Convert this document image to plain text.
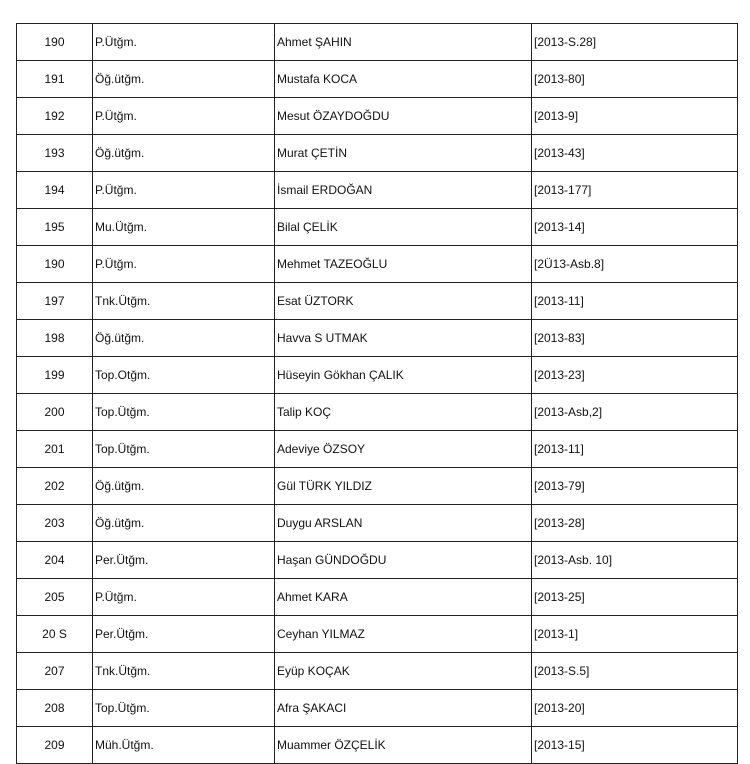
190	P.Ütğm.	Ahmet ŞAHIN	[2013-S.28]
191	Öğ.ütğm.	Mustafa KOCA	[2013-80]
192	P.Ütğm.	Mesut ÖZAYDOĞDU	[2013-9]
193	Öğ.ütğm.	Murat ÇETİN	[2013-43]
194	P.Ütğm.	İsmail ERDOĞAN	[2013-177]
195	Mu.Ütğm.	Bilal ÇELİK	[2013-14]
190	P.Ütğm.	Mehmet TAZEOĞLU	[2Ü13-Asb.8]
197	Tnk.Ütğm.	Esat ÜZTORK	[2013-11]
198	Öğ.ütğm.	Havva S UTMAK	[2013-83]
199	Top.Otğm.	Hüseyin Gökhan ÇALIK	[2013-23]
200	Top.Ütğm.	Talip KOÇ	[2013-Asb,2]
201	Top.Ütğm.	Adeviye ÖZSOY	[2013-11]
202	Öğ.ütğm.	Gül TÜRK YILDIZ	[2013-79]
203	Öğ.ütğm.	Duygu ARSLAN	[2013-28]
204	Per.Ütğm.	Haşan GÜNDOĞDU	[2013-Asb. 10]
205	P.Ütğm.	Ahmet KARA	[2013-25]
20 S	Per.Ütğm.	Ceyhan YILMAZ	[2013-1]
207	Tnk.Ütğm.	Eyüp KOÇAK	[2013-S.5]
208	Top.Ütğm.	Afra ŞAKACI	[2013-20]
209	Müh.Ütğm.	Muammer ÖZÇELİK	[2013-15]
